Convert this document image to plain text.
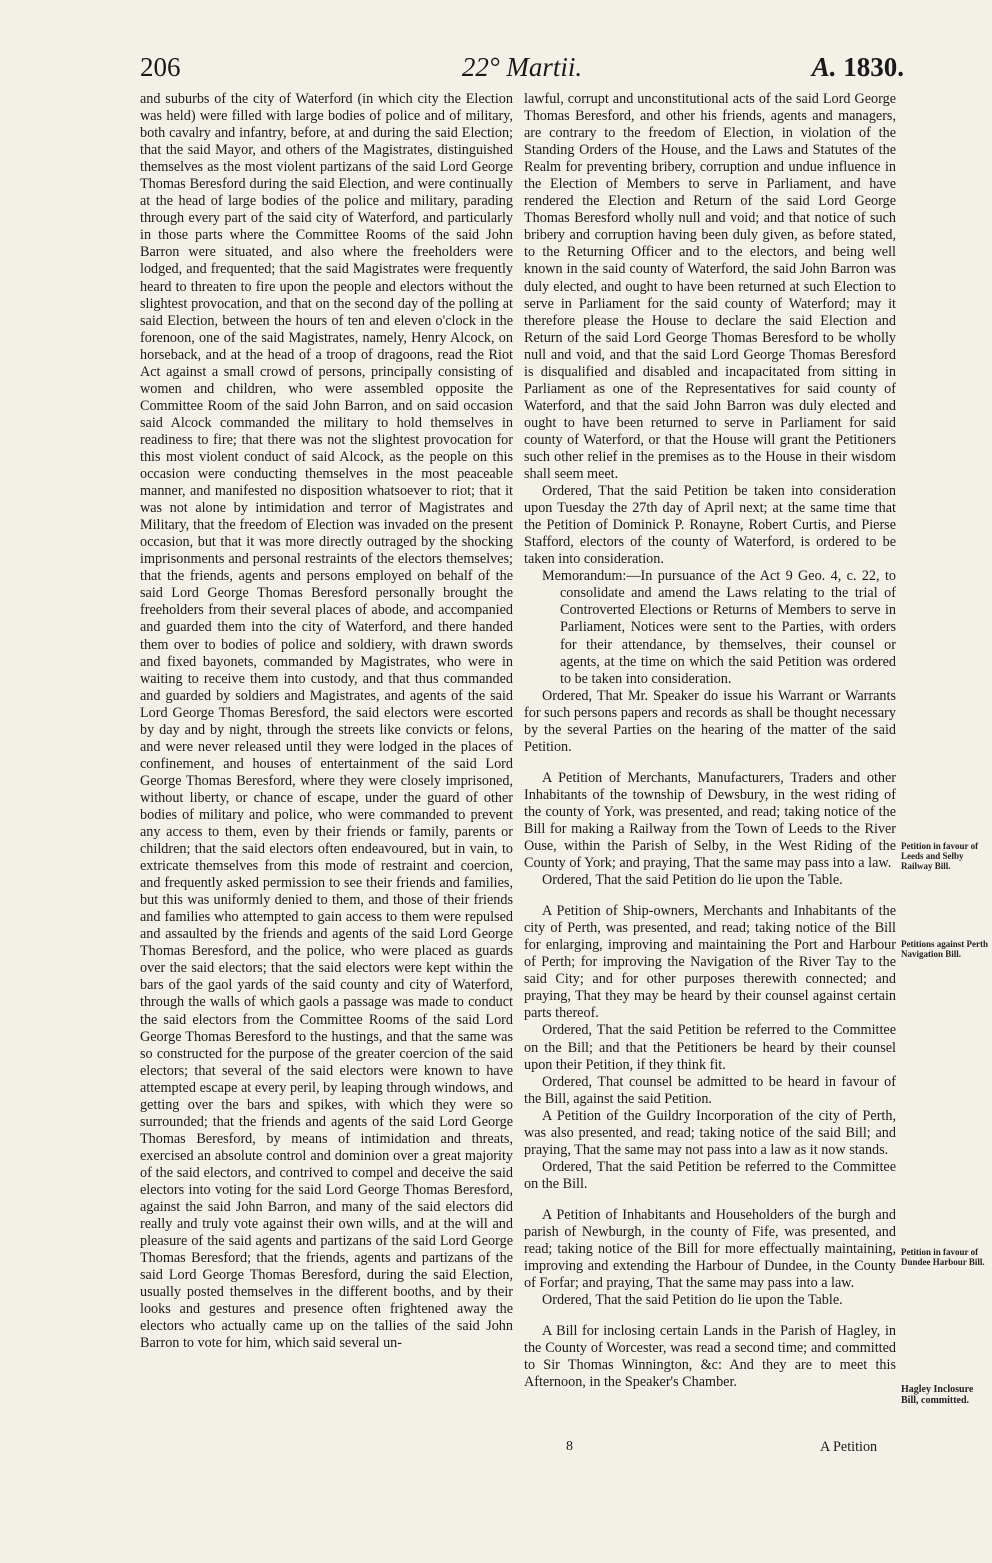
206	22° Martii.	A. 1830.

and suburbs of the city of Waterford (in which city the Election was held) were filled with large bodies of police and of military, both cavalry and infantry, before, at and during the said Election; that the said Mayor, and others of the Magistrates, distinguished themselves as the most violent partizans of the said Lord George Thomas Beresford during the said Election, and were continually at the head of large bodies of the police and military, parading through every part of the said city of Waterford, and particularly in those parts where the Committee Rooms of the said John Barron were situated, and also where the freeholders were lodged, and frequented; that the said Magistrates were frequently heard to threaten to fire upon the people and electors without the slightest provocation, and that on the second day of the polling at said Election, between the hours of ten and eleven o'clock in the forenoon, one of the said Magistrates, namely, Henry Alcock, on horseback, and at the head of a troop of dragoons, read the Riot Act against a small crowd of persons, principally consisting of women and children, who were assembled opposite the Committee Room of the said John Barron, and on said occasion said Alcock commanded the military to hold themselves in readiness to fire; that there was not the slightest provocation for this most violent conduct of said Alcock, as the people on this occasion were conducting themselves in the most peaceable manner, and manifested no disposition whatsoever to riot; that it was not alone by intimidation and terror of Magistrates and Military, that the freedom of Election was invaded on the present occasion, but that it was more directly outraged by the shocking imprisonments and personal restraints of the electors themselves; that the friends, agents and persons employed on behalf of the said Lord George Thomas Beresford personally brought the freeholders from their several places of abode, and accompanied and guarded them into the city of Waterford, and there handed them over to bodies of police and soldiery, with drawn swords and fixed bayonets, commanded by Magistrates, who were in waiting to receive them into custody, and that thus commanded and guarded by soldiers and Magistrates, and agents of the said Lord George Thomas Beresford, the said electors were escorted by day and by night, through the streets like convicts or felons, and were never released until they were lodged in the places of confinement, and houses of entertainment of the said Lord George Thomas Beresford, where they were closely imprisoned, without liberty, or chance of escape, under the guard of other bodies of military and police, who were commanded to prevent any access to them, even by their friends or family, parents or children; that the said electors often endeavoured, but in vain, to extricate themselves from this mode of restraint and coercion, and frequently asked permission to see their friends and families, but this was uniformly denied to them, and those of their friends and families who attempted to gain access to them were repulsed and assaulted by the friends and agents of the said Lord George Thomas Beresford, and the police, who were placed as guards over the said electors; that the said electors were kept within the bars of the gaol yards of the said county and city of Waterford, through the walls of which gaols a passage was made to conduct the said electors from the Committee Rooms of the said Lord George Thomas Beresford to the hustings, and that the same was so constructed for the purpose of the greater coercion of the said electors; that several of the said electors were known to have attempted escape at every peril, by leaping through windows, and getting over the bars and spikes, with which they were so surrounded; that the friends and agents of the said Lord George Thomas Beresford, by means of intimidation and threats, exercised an absolute control and dominion over a great majority of the said electors, and contrived to compel and deceive the said electors into voting for the said Lord George Thomas Beresford, against the said John Barron, and many of the said electors did really and truly vote against their own wills, and at the will and pleasure of the said agents and partizans of the said Lord George Thomas Beresford; that the friends, agents and partizans of the said Lord George Thomas Beresford, during the said Election, usually posted themselves in the different booths, and by their looks and gestures and presence often frightened away the electors who actually came up on the tallies of the said John Barron to vote for him, which said several un-

lawful, corrupt and unconstitutional acts of the said Lord George Thomas Beresford, and other his friends, agents and managers, are contrary to the freedom of Election, in violation of the Standing Orders of the House, and the Laws and Statutes of the Realm for preventing bribery, corruption and undue influence in the Election of Members to serve in Parliament, and have rendered the Election and Return of the said Lord George Thomas Beresford wholly null and void; and that notice of such bribery and corruption having been duly given, as before stated, to the Returning Officer and to the electors, and being well known in the said county of Waterford, the said John Barron was duly elected, and ought to have been returned at such Election to serve in Parliament for the said county of Waterford; may it therefore please the House to declare the said Election and Return of the said Lord George Thomas Beresford to be wholly null and void, and that the said Lord George Thomas Beresford is disqualified and disabled and incapacitated from sitting in Parliament as one of the Representatives for said county of Waterford, and that the said John Barron was duly elected and ought to have been returned to serve in Parliament for said county of Waterford, or that the House will grant the Petitioners such other relief in the premises as to the House in their wisdom shall seem meet.

Ordered, That the said Petition be taken into consideration upon Tuesday the 27th day of April next; at the same time that the Petition of Dominick P. Ronayne, Robert Curtis, and Pierse Stafford, electors of the county of Waterford, is ordered to be taken into consideration.

Memorandum:—In pursuance of the Act 9 Geo. 4, c. 22, to consolidate and amend the Laws relating to the trial of Controverted Elections or Returns of Members to serve in Parliament, Notices were sent to the Parties, with orders for their attendance, by themselves, their counsel or agents, at the time on which the said Petition was ordered to be taken into consideration.

Ordered, That Mr. Speaker do issue his Warrant or Warrants for such persons papers and records as shall be thought necessary by the several Parties on the hearing of the matter of the said Petition.

A Petition of Merchants, Manufacturers, Traders and other Inhabitants of the township of Dewsbury, in the west riding of the county of York, was presented, and read; taking notice of the Bill for making a Railway from the Town of Leeds to the River Ouse, within the Parish of Selby, in the West Riding of the County of York; and praying, That the same may pass into a law.

Ordered, That the said Petition do lie upon the Table.

A Petition of Ship-owners, Merchants and Inhabitants of the city of Perth, was presented, and read; taking notice of the Bill for enlarging, improving and maintaining the Port and Harbour of Perth; for improving the Navigation of the River Tay to the said City; and for other purposes therewith connected; and praying, That they may be heard by their counsel against certain parts thereof.

Ordered, That the said Petition be referred to the Committee on the Bill; and that the Petitioners be heard by their counsel upon their Petition, if they think fit.

Ordered, That counsel be admitted to be heard in favour of the Bill, against the said Petition.

A Petition of the Guildry Incorporation of the city of Perth, was also presented, and read; taking notice of the said Bill; and praying, That the same may not pass into a law as it now stands.

Ordered, That the said Petition be referred to the Committee on the Bill.

A Petition of Inhabitants and Householders of the burgh and parish of Newburgh, in the county of Fife, was presented, and read; taking notice of the Bill for more effectually maintaining, improving and extending the Harbour of Dundee, in the County of Forfar; and praying, That the same may pass into a law.

Ordered, That the said Petition do lie upon the Table.

A Bill for inclosing certain Lands in the Parish of Hagley, in the County of Worcester, was read a second time; and committed to Sir Thomas Winnington, &c: And they are to meet this Afternoon, in the Speaker's Chamber.

Petition in favour of Leeds and Selby Railway Bill.
Petitions against Perth Navigation Bill.
Petition in favour of Dundee Harbour Bill.
Hagley Inclosure Bill, committed.
8	A Petition
